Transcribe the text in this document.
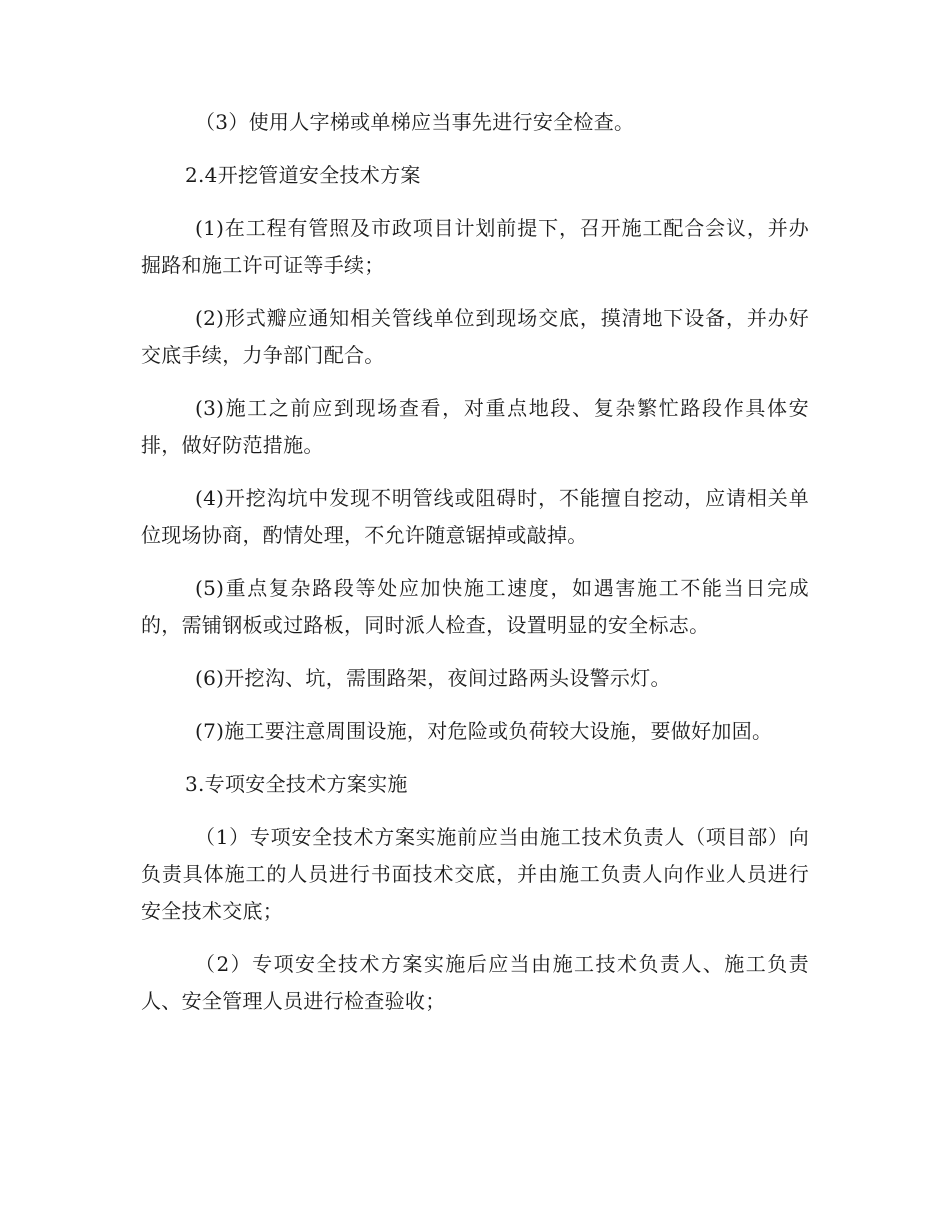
（3）使用人字梯或单梯应当事先进行安全检查。

2.4开挖管道安全技术方案

(1)在工程有管照及市政项目计划前提下，召开施工配合会议，并办掘路和施工许可证等手续；

(2)形式瓣应通知相关管线单位到现场交底，摸清地下设备，并办好交底手续，力争部门配合。

(3)施工之前应到现场查看，对重点地段、复杂繁忙路段作具体安排，做好防范措施。

(4)开挖沟坑中发现不明管线或阻碍时，不能擅自挖动，应请相关单位现场协商，酌情处理，不允许随意锯掉或敲掉。

(5)重点复杂路段等处应加快施工速度，如遇害施工不能当日完成的，需铺钢板或过路板，同时派人检查，设置明显的安全标志。

(6)开挖沟、坑，需围路架，夜间过路两头设警示灯。

(7)施工要注意周围设施，对危险或负荷较大设施，要做好加固。

3.专项安全技术方案实施

（1）专项安全技术方案实施前应当由施工技术负责人（项目部）向负责具体施工的人员进行书面技术交底，并由施工负责人向作业人员进行安全技术交底；

（2）专项安全技术方案实施后应当由施工技术负责人、施工负责人、安全管理人员进行检查验收；
